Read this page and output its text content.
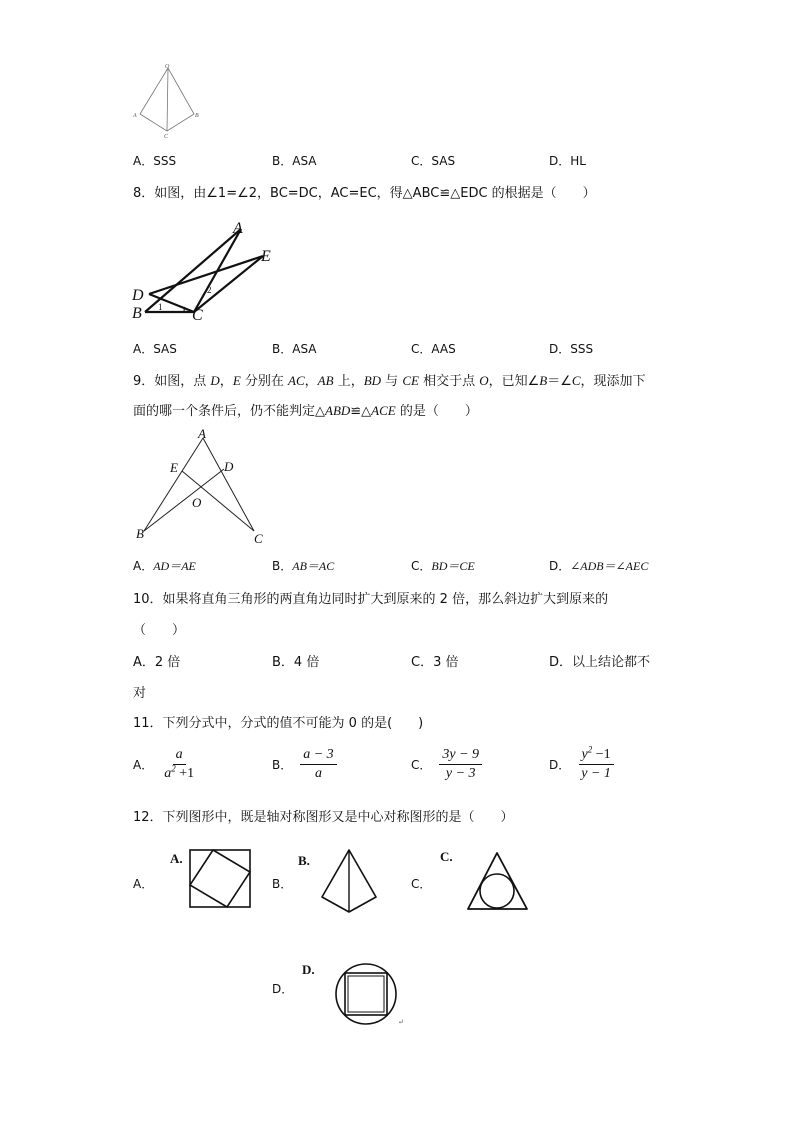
O
A
C
B
A．SSS	B．ASA	C．SAS	D．HL
8．如图，由∠1=∠2，BC=DC，AC=EC，得△ABC≌△EDC 的根据是（　　）
A
E
D
B	C
1
2
A．SAS	B．ASA	C．AAS	D．SSS
9．如图，点 D，E 分别在 AC，AB 上，BD 与 CE 相交于点 O，已知∠B＝∠C，现添加下
面的哪一个条件后，仍不能判定△ABD≌△ACE 的是（　　）
A
E	D
O
B	C
A．AD＝AE	B．AB＝AC	C．BD＝CE	D．∠ADB＝∠AEC
10．如果将直角三角形的两直角边同时扩大到原来的 2 倍，那么斜边扩大到原来的
（　　）
A．2 倍	B．4 倍	C．3 倍	D．以上结论都不
对
11．下列分式中，分式的值不可能为 0 的是(　　)
A． $\frac{a}{a^2 +1}$	B． $\frac{a - 3}{a}$	C． $\frac{3y - 9}{y - 3}$	D． $\frac{y^2 -1}{y - 1}$
12．下列图形中，既是轴对称图形又是中心对称图形的是（　　）
A．
A.
B．
B.
C．
C.
D．
D.
↵
